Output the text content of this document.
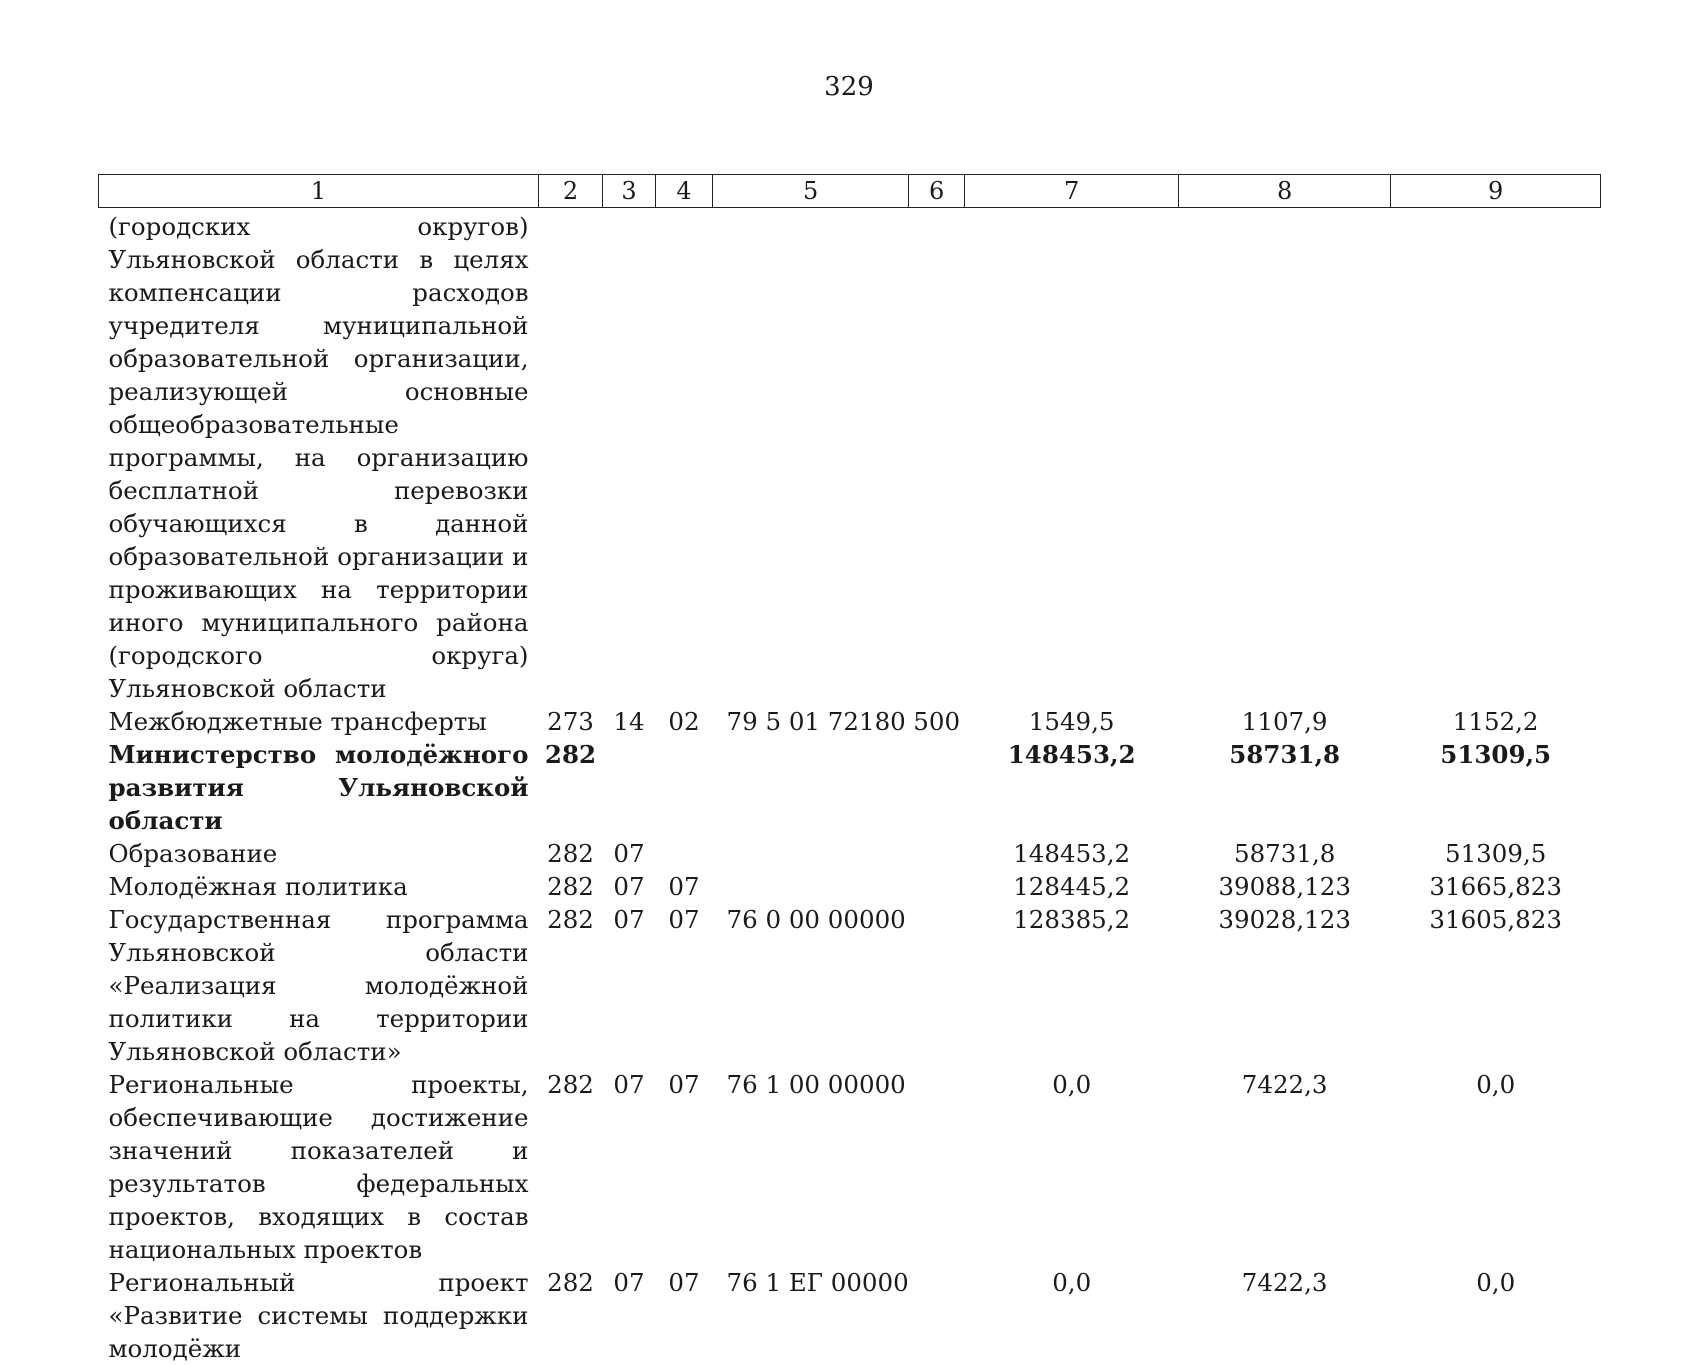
329
1	2	3	4	5	6	7	8	9
(городских округов) Ульяновской области в целях компенсации расходов учредителя муниципальной образовательной организации, реализующей основные общеобразовательные программы, на организацию бесплатной перевозки обучающихся в данной образовательной организации и проживающих на территории иного муниципального района (городского округа) Ульяновской области								
Межбюджетные трансферты	273	14	02	79 5 01 72180	500	1549,5	1107,9	1152,2
Министерство молодёжного развития Ульяновской области	282					148453,2	58731,8	51309,5
Образование	282	07				148453,2	58731,8	51309,5
Молодёжная политика	282	07	07			128445,2	39088,123	31665,823
Государственная программа Ульяновской области «Реализация молодёжной политики на территории Ульяновской области»	282	07	07	76 0 00 00000		128385,2	39028,123	31605,823
Региональные проекты, обеспечивающие достижение значений показателей и результатов федеральных проектов, входящих в состав национальных проектов	282	07	07	76 1 00 00000		0,0	7422,3	0,0
Региональный проект «Развитие системы поддержки молодёжи	282	07	07	76 1 ЕГ 00000		0,0	7422,3	0,0
